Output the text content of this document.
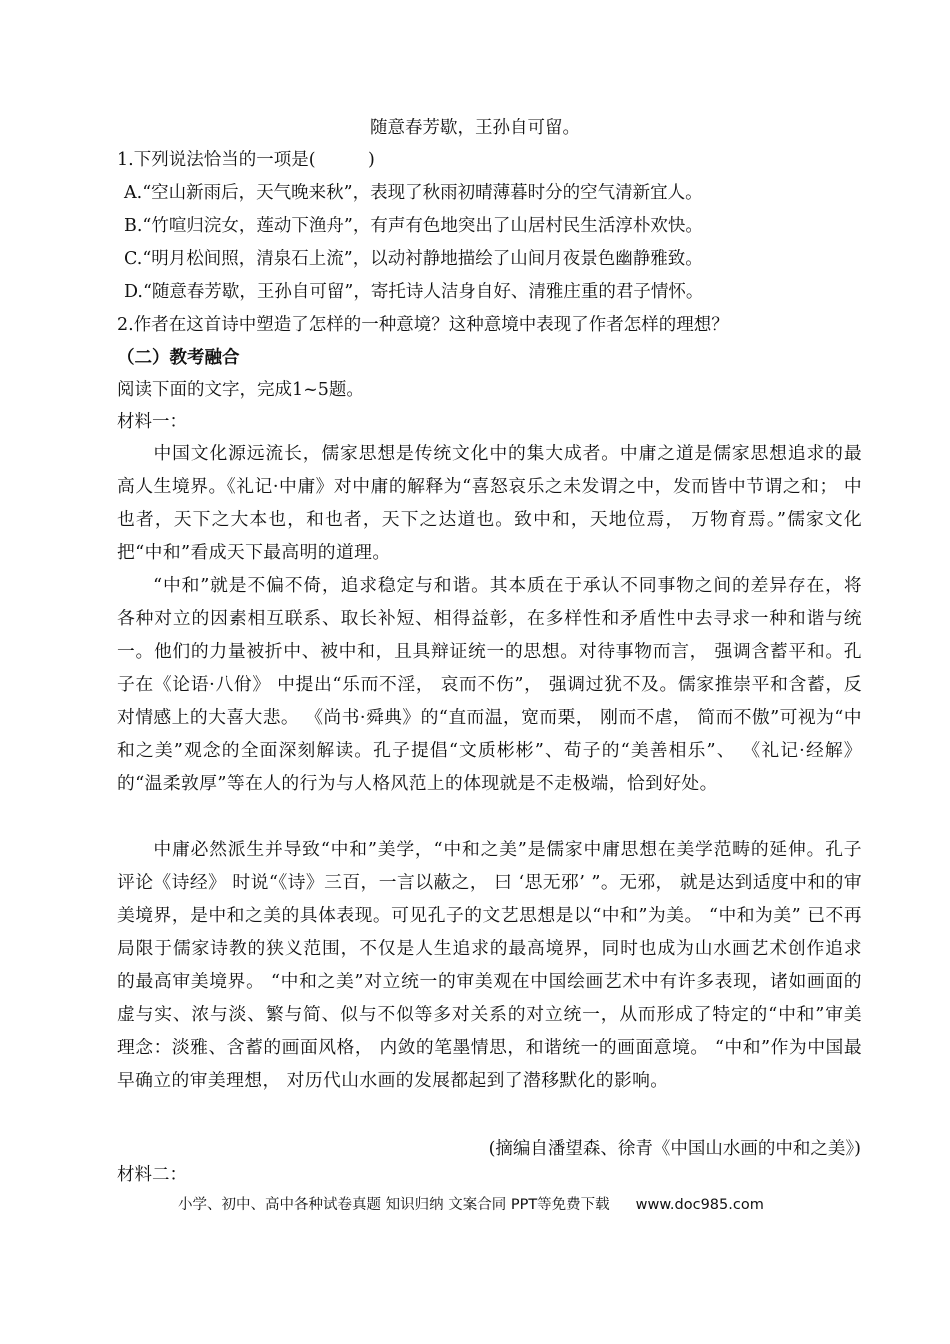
随意春芳歇，王孙自可留。
1.下列说法恰当的一项是(　　　)
A.“空山新雨后，天气晚来秋”，表现了秋雨初晴薄暮时分的空气清新宜人。
B.“竹喧归浣女，莲动下渔舟”，有声有色地突出了山居村民生活淳朴欢快。
C.“明月松间照，清泉石上流”，以动衬静地描绘了山间月夜景色幽静雅致。
D.“随意春芳歇，王孙自可留”，寄托诗人洁身自好、清雅庄重的君子情怀。
2.作者在这首诗中塑造了怎样的一种意境？这种意境中表现了作者怎样的理想？
（二）教考融合
阅读下面的文字，完成1~5题。
材料一：
中国文化源远流长，儒家思想是传统文化中的集大成者。中庸之道是儒家思想追求的最高人生境界。《礼记·中庸》对中庸的解释为“喜怒哀乐之未发谓之中，发而皆中节谓之和； 中也者，天下之大本也，和也者，天下之达道也。致中和，天地位焉， 万物育焉。”儒家文化把“中和”看成天下最高明的道理。
“中和”就是不偏不倚，追求稳定与和谐。其本质在于承认不同事物之间的差异存在，将各种对立的因素相互联系、取长补短、相得益彰，在多样性和矛盾性中去寻求一种和谐与统一。他们的力量被折中、被中和，且具辩证统一的思想。对待事物而言， 强调含蓄平和。孔子在《论语·八佾》 中提出“乐而不淫， 哀而不伤”， 强调过犹不及。儒家推崇平和含蓄，反对情感上的大喜大悲。 《尚书·舜典》的“直而温，宽而栗， 刚而不虐， 简而不傲”可视为“中和之美”观念的全面深刻解读。孔子提倡“文质彬彬”、荀子的“美善相乐”、 《礼记·经解》的“温柔敦厚”等在人的行为与人格风范上的体现就是不走极端，恰到好处。
中庸必然派生并导致“中和”美学，“中和之美”是儒家中庸思想在美学范畴的延伸。孔子评论《诗经》 时说“《诗》三百，一言以蔽之， 曰 ‘思无邪’ ”。无邪， 就是达到适度中和的审美境界，是中和之美的具体表现。可见孔子的文艺思想是以“中和”为美。 “中和为美” 已不再局限于儒家诗教的狭义范围，不仅是人生追求的最高境界，同时也成为山水画艺术创作追求的最高审美境界。 “中和之美”对立统一的审美观在中国绘画艺术中有许多表现，诸如画面的虚与实、浓与淡、繁与简、似与不似等多对关系的对立统一，从而形成了特定的“中和”审美理念：淡雅、含蓄的画面风格， 内敛的笔墨情思，和谐统一的画面意境。 “中和”作为中国最早确立的审美理想， 对历代山水画的发展都起到了潜移默化的影响。
(摘编自潘望森、徐青《中国山水画的中和之美》)
材料二：
小学、初中、高中各种试卷真题 知识归纳 文案合同 PPT等免费下载 www.doc985.com
